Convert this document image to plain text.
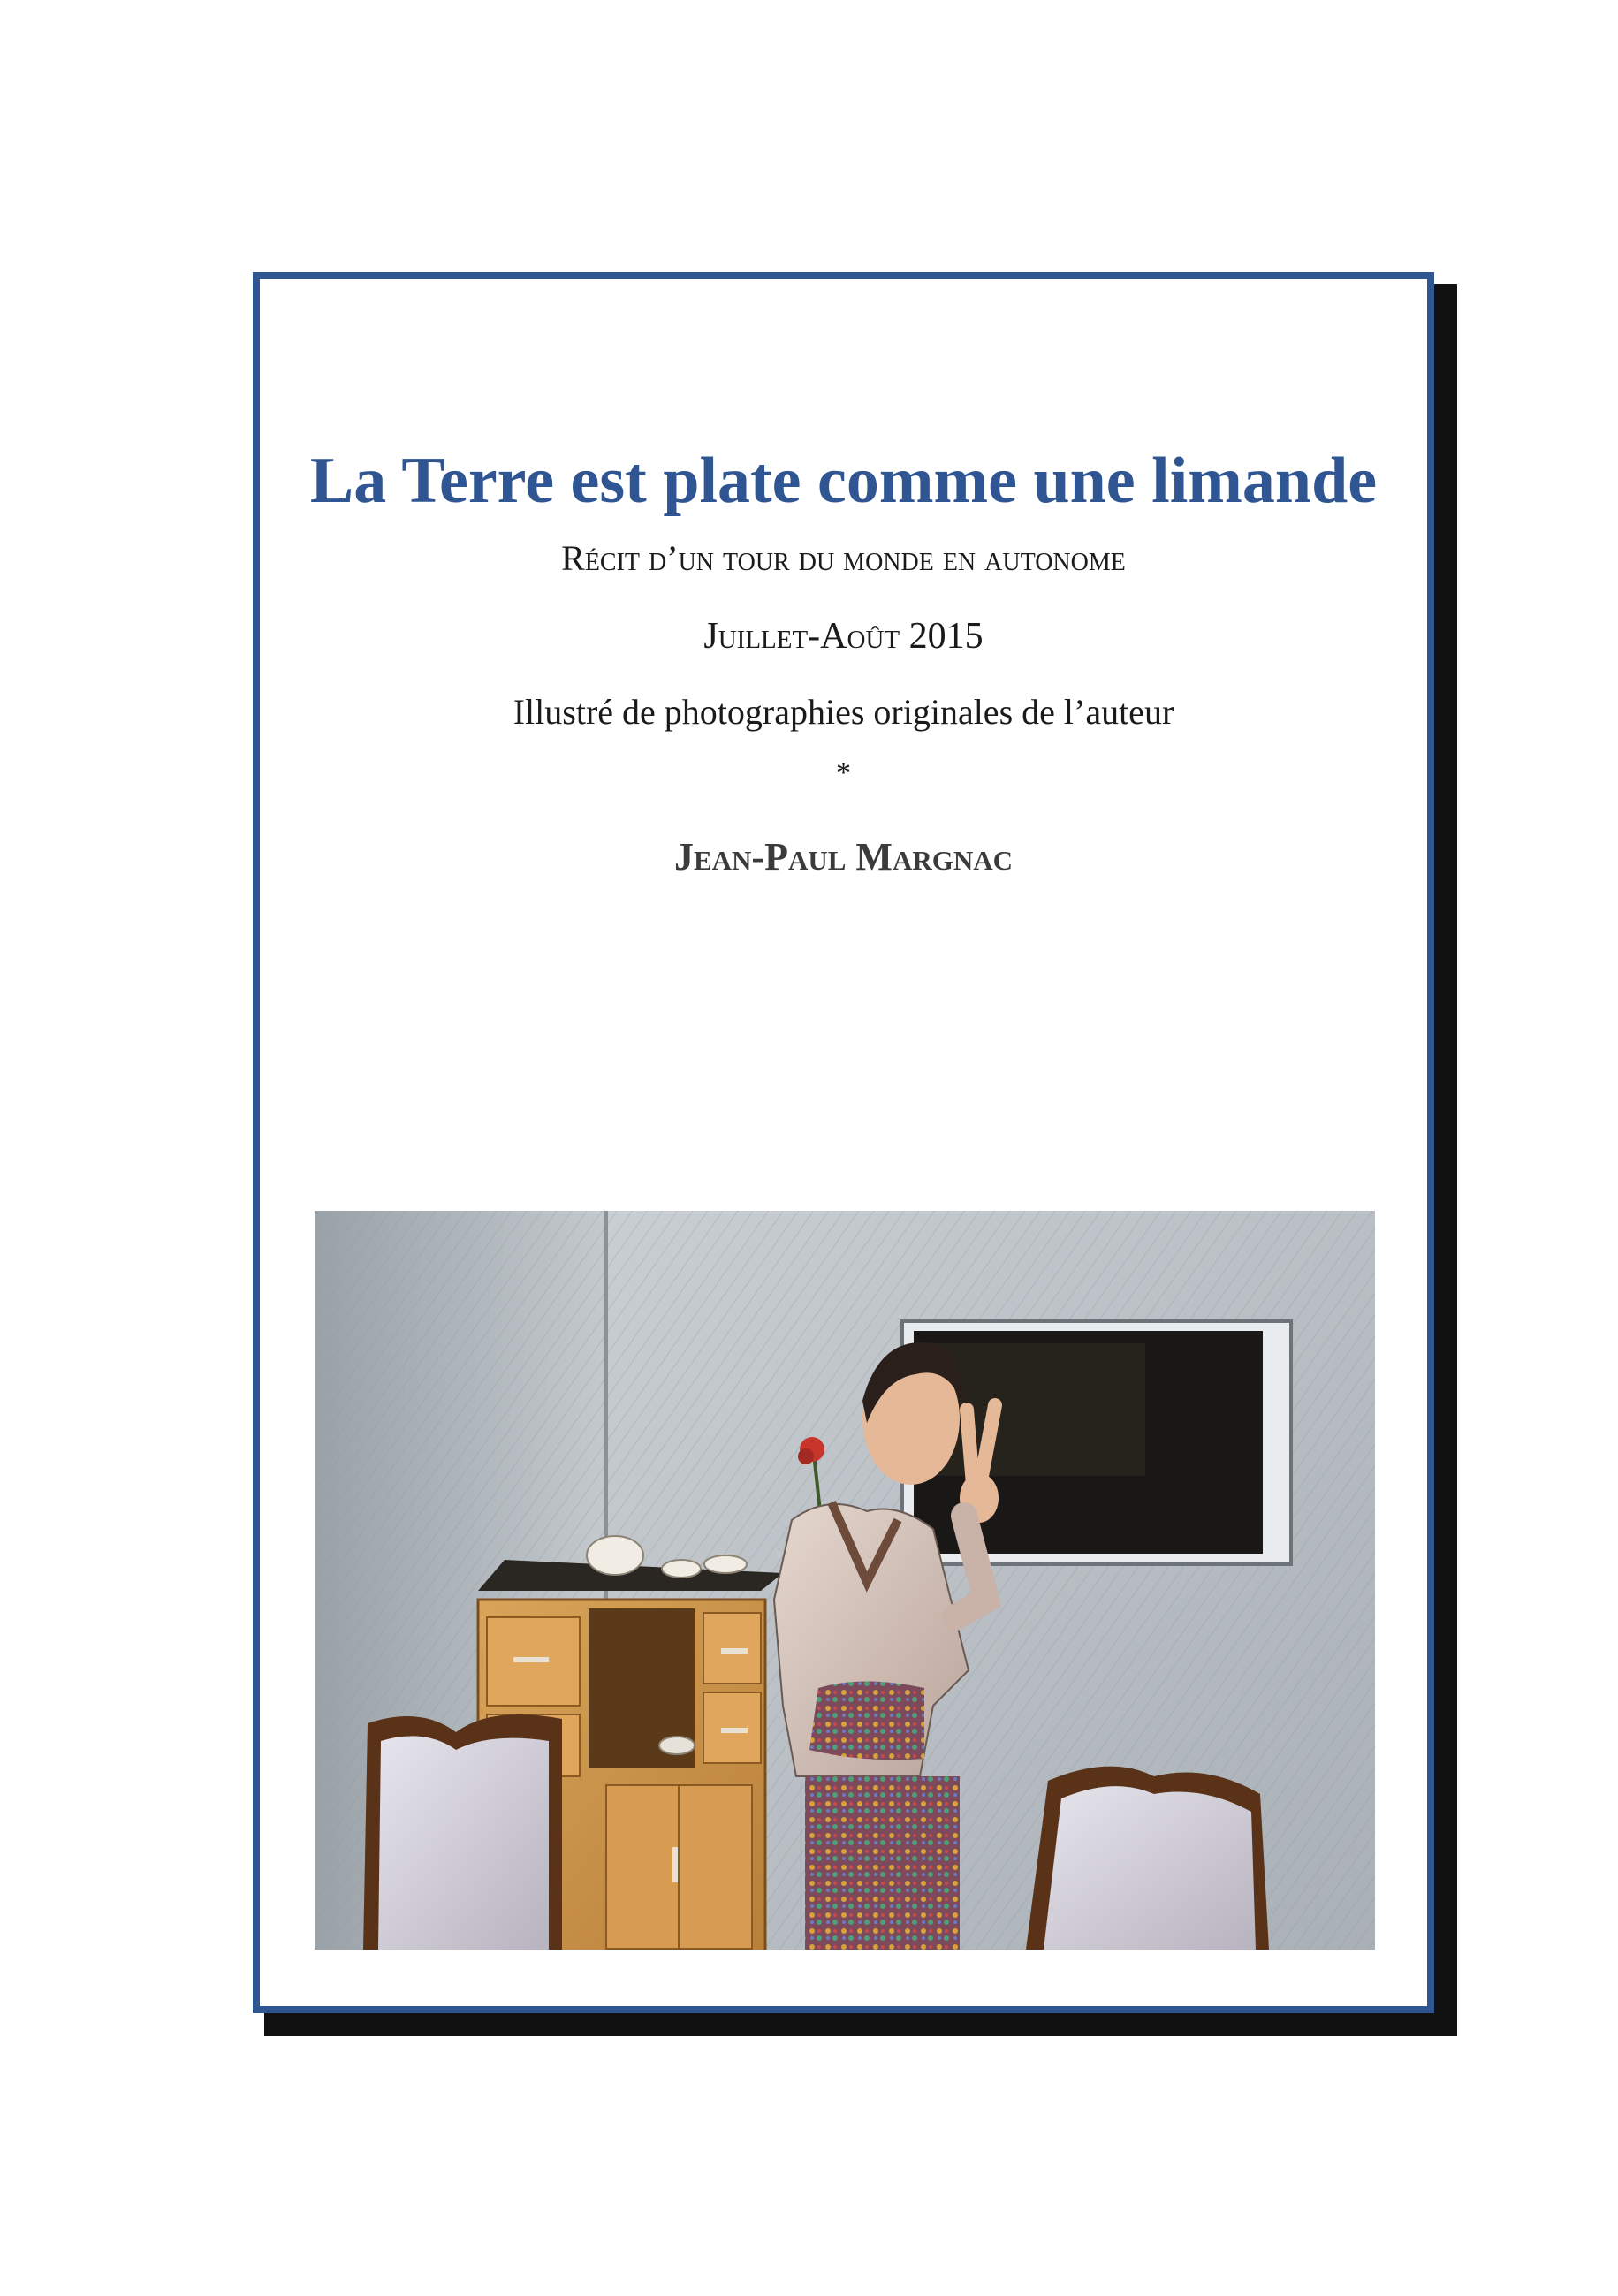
La Terre est plate comme une limande
Récit d’un tour du monde en autonome
Juillet-Août 2015
Illustré de photographies originales de l’auteur
*
Jean-Paul Margnac
